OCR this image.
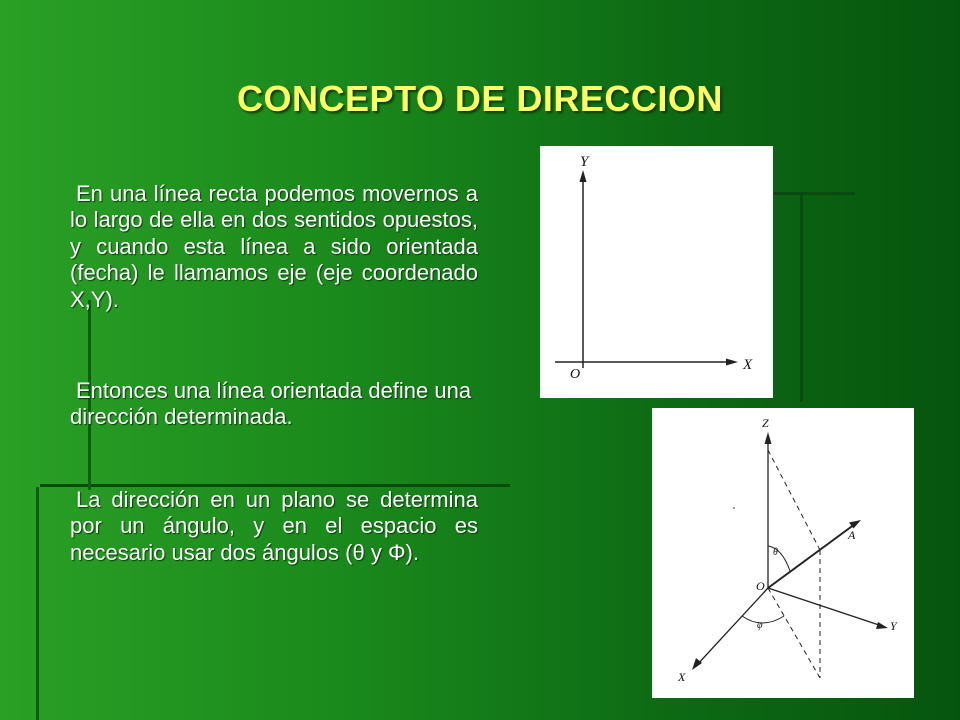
CONCEPTO DE DIRECCION
En una línea recta podemos movernos a lo largo de ella en dos sentidos opuestos, y cuando esta línea a sido orientada (fecha) le llamamos eje (eje coordenado X,Y).
Entonces una línea orientada define una dirección determinada.
La dirección en un plano se determina por un ángulo, y en el espacio es necesario usar dos ángulos (θ y Φ).
Y
X
O
Z
X
Y
A
θ
φ
O
